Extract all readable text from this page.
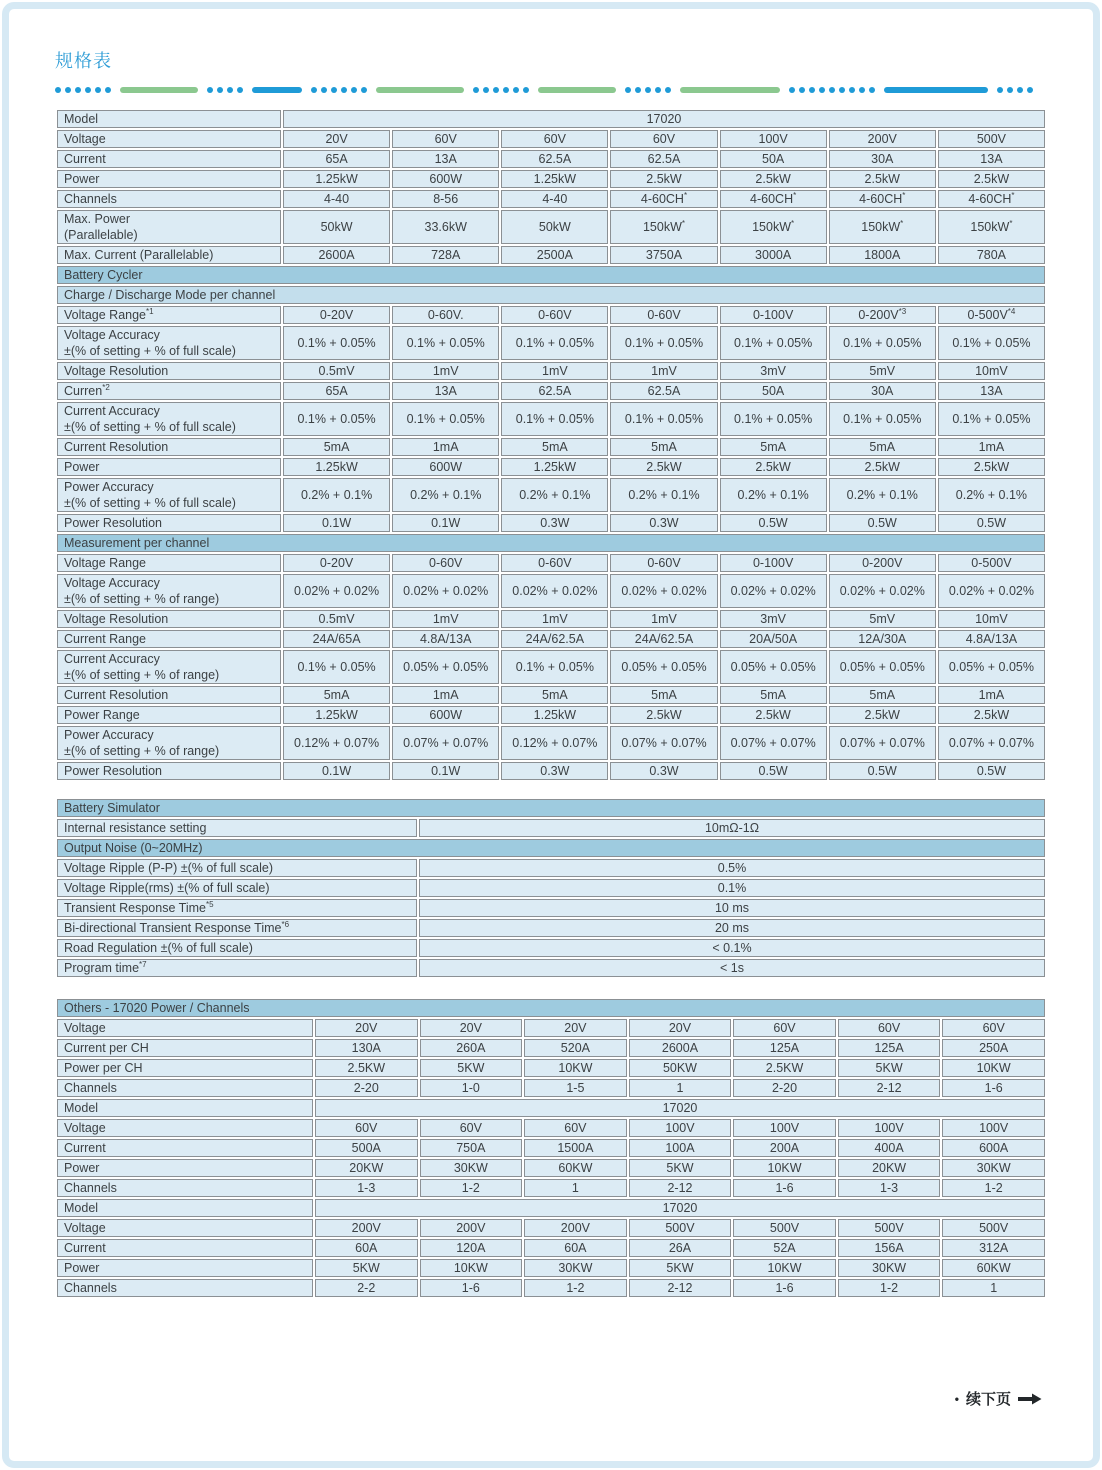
规格表
Model	17020						
Voltage	20V	60V	60V	60V	100V	200V	500V
Current	65A	13A	62.5A	62.5A	50A	30A	13A
Power	1.25kW	600W	1.25kW	2.5kW	2.5kW	2.5kW	2.5kW
Channels	4-40	8-56	4-40	4-60CH*	4-60CH*	4-60CH*	4-60CH*
Max. Power
(Parallelable)	50kW	33.6kW	50kW	150kW*	150kW*	150kW*	150kW*
Max. Current (Parallelable)	2600A	728A	2500A	3750A	3000A	1800A	780A
Battery Cycler							
Charge / Discharge Mode per channel							
Voltage Range$^{*1}$	0-20V	0-60V.	0-60V	0-60V	0-100V	$0-200V^{*3}$	$0-500V^{*4}$
Voltage Accuracy
±(% of setting + % of full scale)	0.1% + 0.05%	0.1% + 0.05%	0.1% + 0.05%	0.1% + 0.05%	0.1% + 0.05%	0.1% + 0.05%	0.1% + 0.05%
Voltage Resolution	0.5mV	1mV	1mV	1mV	3mV	5mV	10mV
Curren$^{*2}$	65A	13A	62.5A	62.5A	50A	30A	13A
Current Accuracy
±(% of setting + % of full scale)	0.1% + 0.05%	0.1% + 0.05%	0.1% + 0.05%	0.1% + 0.05%	0.1% + 0.05%	0.1% + 0.05%	0.1% + 0.05%
Current Resolution	5mA	1mA	5mA	5mA	5mA	5mA	1mA
Power	1.25kW	600W	1.25kW	2.5kW	2.5kW	2.5kW	2.5kW
Power Accuracy
±(% of setting + % of full scale)	0.2% + 0.1%	0.2% + 0.1%	0.2% + 0.1%	0.2% + 0.1%	0.2% + 0.1%	0.2% + 0.1%	0.2% + 0.1%
Power Resolution	0.1W	0.1W	0.3W	0.3W	0.5W	0.5W	0.5W
Measurement per channel							
Voltage Range	0-20V	0-60V	0-60V	0-60V	0-100V	0-200V	0-500V
Voltage Accuracy
±(% of setting + % of range)	0.02% + 0.02%	0.02% + 0.02%	0.02% + 0.02%	0.02% + 0.02%	0.02% + 0.02%	0.02% + 0.02%	0.02% + 0.02%
Voltage Resolution	0.5mV	1mV	1mV	1mV	3mV	5mV	10mV
Current Range	24A/65A	4.8A/13A	24A/62.5A	24A/62.5A	20A/50A	12A/30A	4.8A/13A
Current Accuracy
±(% of setting + % of range)	0.1% + 0.05%	0.05% + 0.05%	0.1% + 0.05%	0.05% + 0.05%	0.05% + 0.05%	0.05% + 0.05%	0.05% + 0.05%
Current Resolution	5mA	1mA	5mA	5mA	5mA	5mA	1mA
Power Range	1.25kW	600W	1.25kW	2.5kW	2.5kW	2.5kW	2.5kW
Power Accuracy
±(% of setting + % of range)	0.12% + 0.07%	0.07% + 0.07%	0.12% + 0.07%	0.07% + 0.07%	0.07% + 0.07%	0.07% + 0.07%	0.07% + 0.07%
Power Resolution	0.1W	0.1W	0.3W	0.3W	0.5W	0.5W	0.5W
Battery Simulator	
Internal resistance setting	10mΩ-1Ω
Output Noise (0~20MHz)	
Voltage Ripple (P-P) ±(% of full scale)	0.5%
Voltage Ripple(rms) ±(% of full scale)	0.1%
Transient Response Time$^{*5}$	10 ms
Bi-directional Transient Response Time$^{*6}$	20 ms
Road Regulation ±(% of full scale)	< 0.1%
Program time$^{*7}$	< 1s
Others - 17020 Power / Channels							
Voltage	20V	20V	20V	20V	60V	60V	60V
Current per CH	130A	260A	520A	2600A	125A	125A	250A
Power per CH	2.5KW	5KW	10KW	50KW	2.5KW	5KW	10KW
Channels	2-20	1-0	1-5	1	2-20	2-12	1-6
Model	17020						
Voltage	60V	60V	60V	100V	100V	100V	100V
Current	500A	750A	1500A	100A	200A	400A	600A
Power	20KW	30KW	60KW	5KW	10KW	20KW	30KW
Channels	1-3	1-2	1	2-12	1-6	1-3	1-2
Model	17020						
Voltage	200V	200V	200V	500V	500V	500V	500V
Current	60A	120A	60A	26A	52A	156A	312A
Power	5KW	10KW	30KW	5KW	10KW	30KW	60KW
Channels	2-2	1-6	1-2	2-12	1-6	1-2	1
• 续下页
